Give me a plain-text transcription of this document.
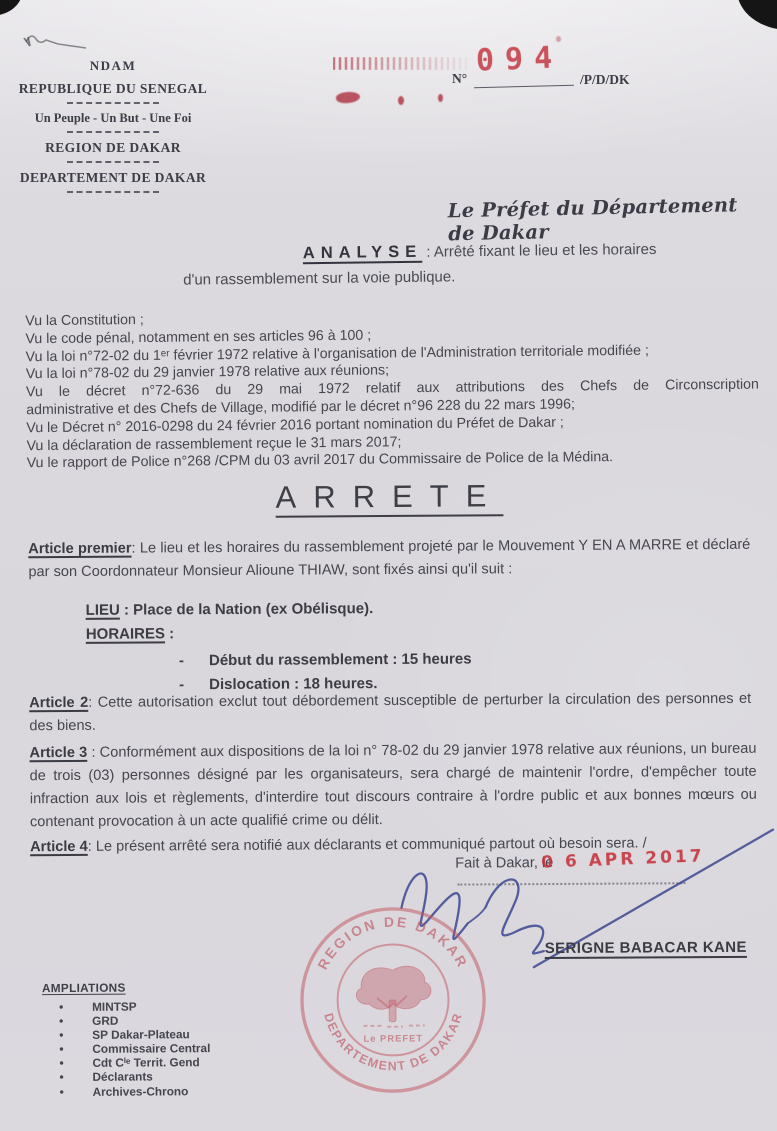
NDAM
REPUBLIQUE DU SENEGAL
Un Peuple - Un But - Une Foi
REGION DE DAKAR
DEPARTEMENT DE DAKAR
N° 094
/P/D/DK
Le Préfet du Département de Dakar
ANALYSE : Arrêté fixant le lieu et les horaires
d'un rassemblement sur la voie publique.
Vu la Constitution ;
Vu le code pénal, notamment en ses articles 96 à 100 ;
Vu la loi n°72-02 du 1ᵉʳ février 1972 relative à l'organisation de l'Administration territoriale modifiée ;
Vu la loi n°78-02 du 29 janvier 1978 relative aux réunions;
Vu le décret n°72-636 du 29 mai 1972 relatif aux attributions des Chefs de Circonscription
administrative et des Chefs de Village, modifié par le décret n°96 228 du 22 mars 1996;
Vu le Décret n° 2016-0298 du 24 février 2016 portant nomination du Préfet de Dakar ;
Vu la déclaration de rassemblement reçue le 31 mars 2017;
Vu le rapport de Police n°268 /CPM du 03 avril 2017 du Commissaire de Police de la Médina.
ARRETE
Article premier: Le lieu et les horaires du rassemblement projeté par le Mouvement Y EN A MARRE et déclaré par son Coordonnateur Monsieur Alioune THIAW, sont fixés ainsi qu'il suit :
LIEU : Place de la Nation (ex Obélisque).
HORAIRES :
- Début du rassemblement : 15 heures
- Dislocation : 18 heures.
Article 2: Cette autorisation exclut tout débordement susceptible de perturber la circulation des personnes et des biens.
Article 3 : Conformément aux dispositions de la loi n° 78-02 du 29 janvier 1978 relative aux réunions, un bureau de trois (03) personnes désigné par les organisateurs, sera chargé de maintenir l'ordre, d'empêcher toute infraction aux lois et règlements, d'interdire tout discours contraire à l'ordre public et aux bonnes mœurs ou contenant provocation à un acte qualifié crime ou délit.
Article 4: Le présent arrêté sera notifié aux déclarants et communiqué partout où besoin sera. /
Fait à Dakar, le
0 6 APR 2017
REGION DE DAKAR
DEPARTEMENT DE DAKAR
Le PREFET
SERIGNE BABACAR KANE
AMPLIATIONS
• MINTSP
• GRD
• SP Dakar-Plateau
• Commissaire Central
• Cdt Cⁱᵉ Territ. Gend
• Déclarants
• Archives-Chrono
